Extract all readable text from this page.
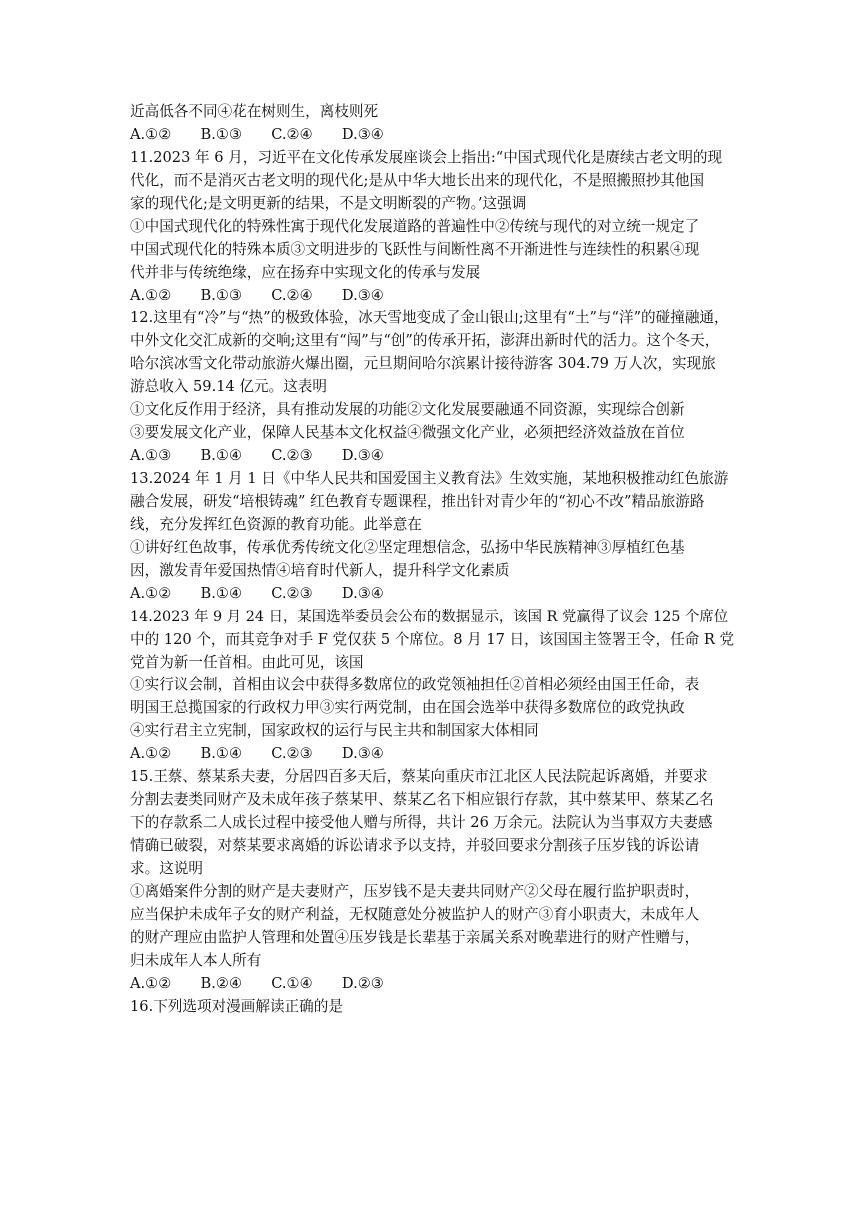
近高低各不同④花在树则生，离枝则死
A.①②　　B.①③　　C.②④　　D.③④
11.2023 年 6 月，习近平在文化传承发展座谈会上指出:“中国式现代化是赓续古老文明的现
代化，而不是消灭古老文明的现代化;是从中华大地长出来的现代化，不是照搬照抄其他国
家的现代化;是文明更新的结果，不是文明断裂的产物。’这强调
①中国式现代化的特殊性寓于现代化发展道路的普遍性中②传统与现代的对立统一规定了
中国式现代化的特殊本质③文明进步的飞跃性与间断性离不开渐进性与连续性的积累④现
代并非与传统绝缘，应在扬弃中实现文化的传承与发展
A.①②　　B.①③　　C.②④　　D.③④
12.这里有“冷”与“热”的极致体验，冰天雪地变成了金山银山;这里有“土”与“洋”的碰撞融通，
中外文化交汇成新的交响;这里有“闯”与“创”的传承开拓，澎湃出新时代的活力。这个冬天，
哈尔滨冰雪文化带动旅游火爆出圈，元旦期间哈尔滨累计接待游客 304.79 万人次，实现旅
游总收入 59.14 亿元。这表明
①文化反作用于经济，具有推动发展的功能②文化发展要融通不同资源，实现综合创新
③要发展文化产业，保障人民基本文化权益④微强文化产业，必须把经济效益放在首位
A.①③　　B.①④　　C.②③　　D.③④
13.2024 年 1 月 1 日《中华人民共和国爱国主义教育法》生效实施，某地积极推动红色旅游
融合发展，研发“培根铸魂” 红色教育专题课程，推出针对青少年的“初心不改”精品旅游路
线，充分发挥红色资源的教育功能。此举意在
①讲好红色故事，传承优秀传统文化②坚定理想信念，弘扬中华民族精神③厚植红色基
因，激发青年爱国热情④培育时代新人，提升科学文化素质
A.①②　　B.①④　　C.②③　　D.③④
14.2023 年 9 月 24 日，某国选举委员会公布的数据显示，该国 R 党赢得了议会 125 个席位
中的 120 个，而其竞争对手 F 党仅获 5 个席位。8 月 17 日，该国国主签署王令，任命 R 党
党首为新一任首相。由此可见，该国
①实行议会制，首相由议会中获得多数席位的政党领袖担任②首相必须经由国王任命，表
明国王总揽国家的行政权力甲③实行两党制，由在国会选举中获得多数席位的政党执政
④实行君主立宪制，国家政权的运行与民主共和制国家大体相同
A.①②　　B.①④　　C.②③　　D.③④
15.王蔡、蔡某系夫妻，分居四百多天后，蔡某向重庆市江北区人民法院起诉离婚，并要求
分割去妻类同财产及未成年孩子蔡某甲、蔡某乙名下相应银行存款，其中蔡某甲、蔡某乙名
下的存款系二人成长过程中接受他人赠与所得，共计 26 万余元。法院认为当事双方夫妻感
情确已破裂，对蔡某要求离婚的诉讼请求予以支持，并驳回要求分割孩子压岁钱的诉讼请
求。这说明
①离婚案件分割的财产是夫妻财产，压岁钱不是夫妻共同财产②父母在履行监护职责时，
应当保护未成年子女的财产利益，无权随意处分被监护人的财产③育小职责大，未成年人
的财产理应由监护人管理和处置④压岁钱是长辈基于亲属关系对晚辈进行的财产性赠与，
归未成年人本人所有
A.①②　　B.②④　　C.①④　　D.②③
16.下列选项对漫画解读正确的是
